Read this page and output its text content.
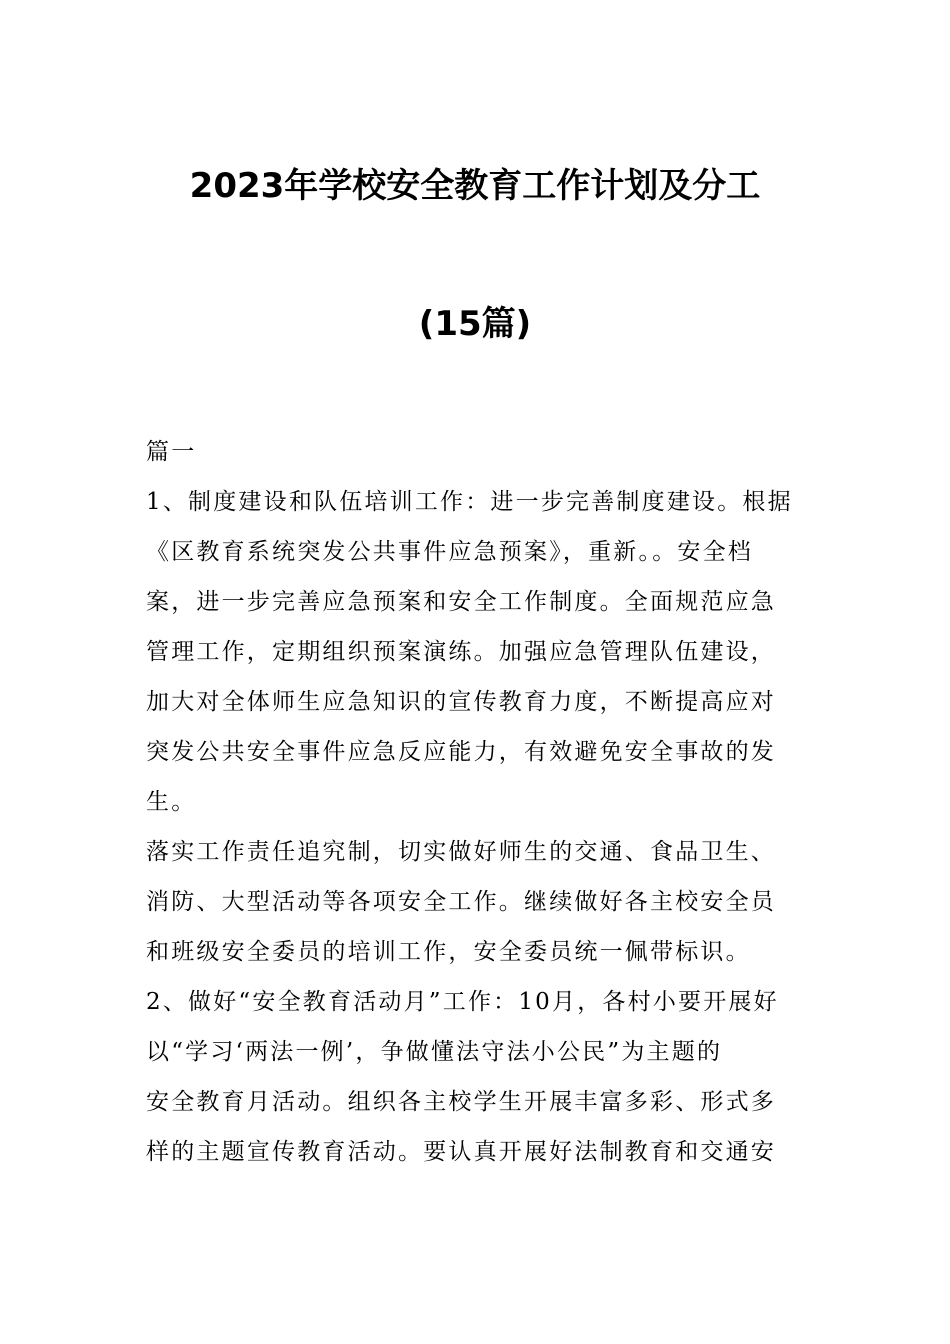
2023年学校安全教育工作计划及分工
(15篇)
篇一
1、制度建设和队伍培训工作：进一步完善制度建设。根据
《区教育系统突发公共事件应急预案》，重新。。安全档
案，进一步完善应急预案和安全工作制度。全面规范应急
管理工作，定期组织预案演练。加强应急管理队伍建设，
加大对全体师生应急知识的宣传教育力度，不断提高应对
突发公共安全事件应急反应能力，有效避免安全事故的发
生。
落实工作责任追究制，切实做好师生的交通、食品卫生、
消防、大型活动等各项安全工作。继续做好各主校安全员
和班级安全委员的培训工作，安全委员统一佩带标识。
2、做好“安全教育活动月”工作：10月，各村小要开展好
以“学习‘两法一例’，争做懂法守法小公民”为主题的
安全教育月活动。组织各主校学生开展丰富多彩、形式多
样的主题宣传教育活动。要认真开展好法制教育和交通安
